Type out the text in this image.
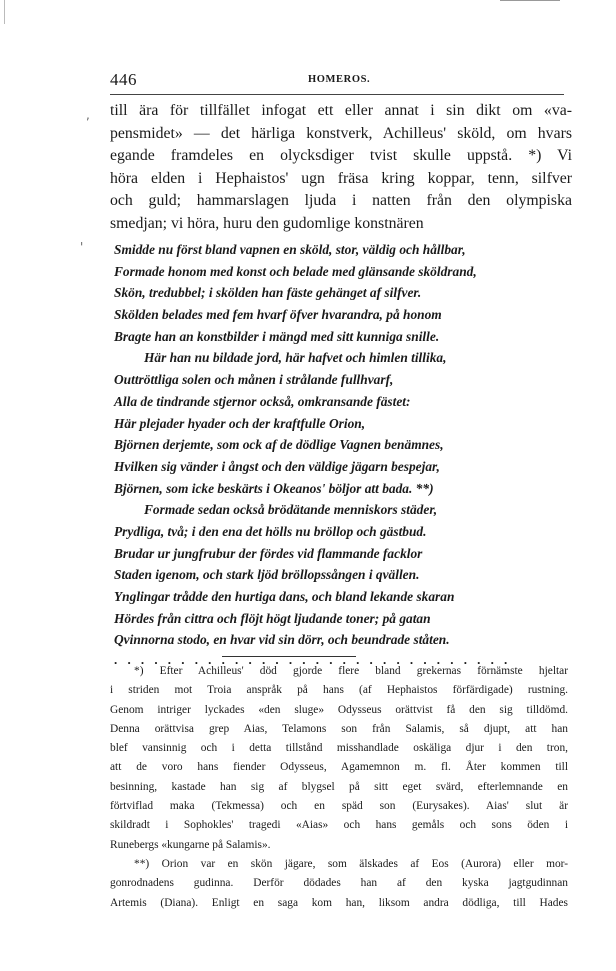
446	HOMEROS.
till ära för tillfället infogat ett eller annat i sin dikt om «va-
pensmidet» — det härliga konstverk, Achilleus' sköld, om hvars
egande framdeles en olycksdiger tvist skulle uppstå. *) Vi
höra elden i Hephaistos' ugn fräsa kring koppar, tenn, silfver
och guld; hammarslagen ljuda i natten från den olympiska
smedjan; vi höra, huru den gudomlige konstnären
,
' Smidde nu först bland vapnen en sköld, stor, väldig och hållbar,
Formade honom med konst och belade med glänsande sköldrand,
Skön, tredubbel; i skölden han fäste gehänget af silfver.
Skölden belades med fem hvarf öfver hvarandra, på honom
Bragte han an konstbilder i mängd med sitt kunniga snille.
Här han nu bildade jord, här hafvet och himlen tillika,
Outtröttliga solen och månen i strålande fullhvarf,
Alla de tindrande stjernor också, omkransande fästet:
Här plejader hyader och der kraftfulle Orion,
Björnen derjemte, som ock af de dödlige Vagnen benämnes,
Hvilken sig vänder i ångst och den väldige jägarn bespejar,
Björnen, som icke beskärts i Okeanos' böljor att bada. **)
Formade sedan också brödätande menniskors städer,
Prydliga, två; i den ena det hölls nu bröllop och gästbud.
Brudar ur jungfrubur der fördes vid flammande facklor
Staden igenom, och stark ljöd bröllopssången i qvällen.
Ynglingar trådde den hurtiga dans, och bland lekande skaran
Hördes från cittra och flöjt högt ljudande toner; på gatan
Qvinnorna stodo, en hvar vid sin dörr, och beundrade ståten.
..............................
*) Efter Achilleus' död gjorde flere bland grekernas förnämste hjeltar
i striden mot Troia anspråk på hans (af Hephaistos förfärdigade) rustning.
Genom intriger lyckades «den sluge» Odysseus orättvist få den sig tilldömd.
Denna orättvisa grep Aias, Telamons son från Salamis, så djupt, att han
blef vansinnig och i detta tillstånd misshandlade oskäliga djur i den tron,
att de voro hans fiender Odysseus, Agamemnon m. fl. Åter kommen till
besinning, kastade han sig af blygsel på sitt eget svärd, efterlemnande en
förtviflad maka (Tekmessa) och en späd son (Eurysakes). Aias' slut är
skildradt i Sophokles' tragedi «Aias» och hans gemåls och sons öden i
Runebergs «kungarne på Salamis».
**) Orion var en skön jägare, som älskades af Eos (Aurora) eller mor-
gonrodnadens gudinna. Derför dödades han af den kyska jagtgudinnan
Artemis (Diana). Enligt en saga kom han, liksom andra dödliga, till Hades
